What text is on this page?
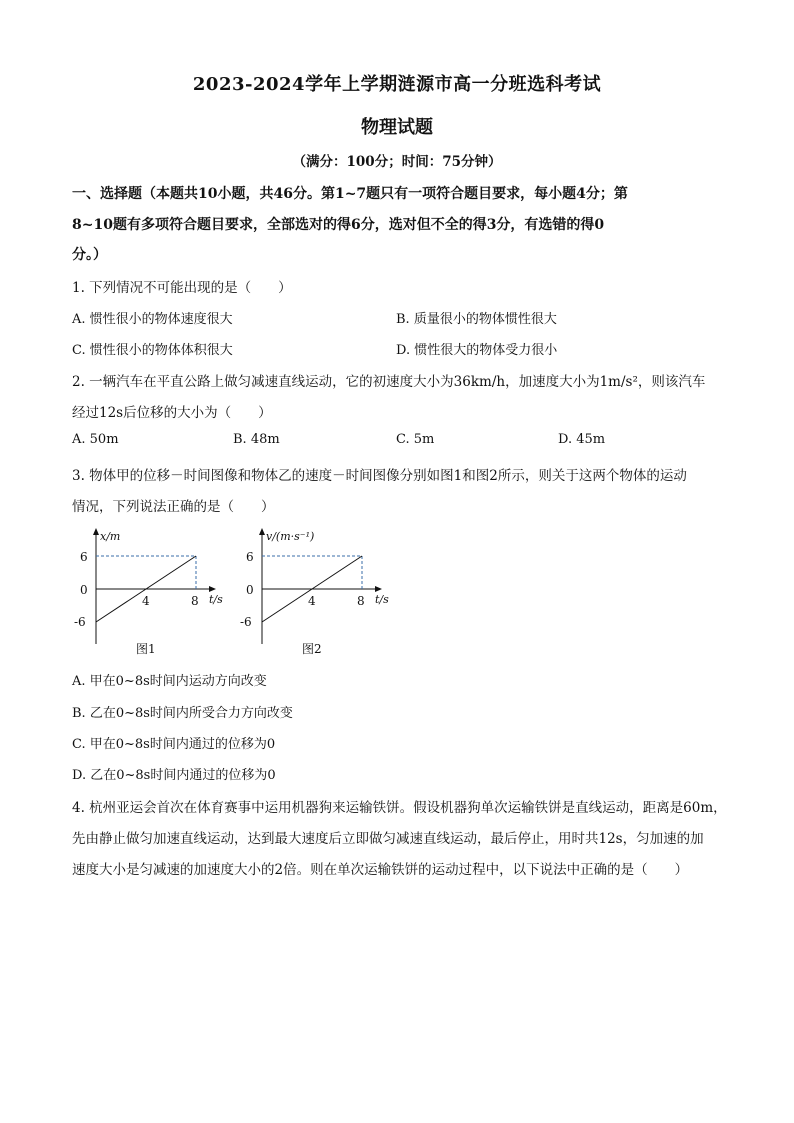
2023-2024学年上学期涟源市高一分班选科考试
物理试题
（满分：100分；时间：75分钟）
一、选择题（本题共10小题，共46分。第1~7题只有一项符合题目要求，每小题4分；第
8~10题有多项符合题目要求，全部选对的得6分，选对但不全的得3分，有选错的得0
分。）
1. 下列情况不可能出现的是（　　）
A. 惯性很小的物体速度很大	B. 质量很小的物体惯性很大
C. 惯性很小的物体体积很大	D. 惯性很大的物体受力很小
2. 一辆汽车在平直公路上做匀减速直线运动，它的初速度大小为36km/h，加速度大小为1m/s²，则该汽车
经过12s后位移的大小为（　　）
A. 50m	B. 48m	C. 5m	D. 45m
3. 物体甲的位移－时间图像和物体乙的速度－时间图像分别如图1和图2所示，则关于这两个物体的运动
情况，下列说法正确的是（　　）
x/m
t/s
6
0
-6
4	8
图1
v/(m·s⁻¹)
t/s
6
0
-6
4	8
图2
A. 甲在0~8s时间内运动方向改变
B. 乙在0~8s时间内所受合力方向改变
C. 甲在0~8s时间内通过的位移为0
D. 乙在0~8s时间内通过的位移为0
4. 杭州亚运会首次在体育赛事中运用机器狗来运输铁饼。假设机器狗单次运输铁饼是直线运动，距离是60m，
先由静止做匀加速直线运动，达到最大速度后立即做匀减速直线运动，最后停止，用时共12s，匀加速的加
速度大小是匀减速的加速度大小的2倍。则在单次运输铁饼的运动过程中，以下说法中正确的是（　　）
